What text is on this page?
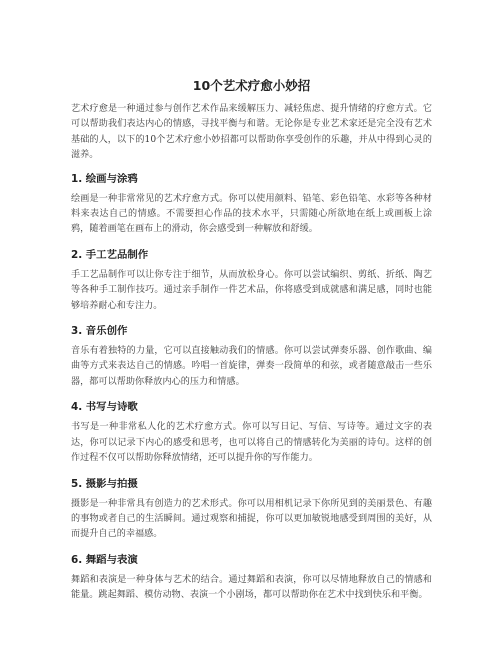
10个艺术疗愈小妙招

艺术疗愈是一种通过参与创作艺术作品来缓解压力、减轻焦虑、提升情绪的疗愈方式。它可以帮助我们表达内心的情感，寻找平衡与和谐。无论你是专业艺术家还是完全没有艺术基础的人，以下的10个艺术疗愈小妙招都可以帮助你享受创作的乐趣，并从中得到心灵的滋养。

1. 绘画与涂鸦

绘画是一种非常常见的艺术疗愈方式。你可以使用颜料、铅笔、彩色铅笔、水彩等各种材料来表达自己的情感。不需要担心作品的技术水平，只需随心所欲地在纸上或画板上涂鸦，随着画笔在画布上的滑动，你会感受到一种解放和舒缓。

2. 手工艺品制作

手工艺品制作可以让你专注于细节，从而放松身心。你可以尝试编织、剪纸、折纸、陶艺等各种手工制作技巧。通过亲手制作一件艺术品，你将感受到成就感和满足感，同时也能够培养耐心和专注力。

3. 音乐创作

音乐有着独特的力量，它可以直接触动我们的情感。你可以尝试弹奏乐器、创作歌曲、编曲等方式来表达自己的情感。吟唱一首旋律，弹奏一段简单的和弦，或者随意敲击一些乐器，都可以帮助你释放内心的压力和情感。

4. 书写与诗歌

书写是一种非常私人化的艺术疗愈方式。你可以写日记、写信、写诗等。通过文字的表达，你可以记录下内心的感受和思考，也可以将自己的情感转化为美丽的诗句。这样的创作过程不仅可以帮助你释放情绪，还可以提升你的写作能力。

5. 摄影与拍摄

摄影是一种非常具有创造力的艺术形式。你可以用相机记录下你所见到的美丽景色、有趣的事物或者自己的生活瞬间。通过观察和捕捉，你可以更加敏锐地感受到周围的美好，从而提升自己的幸福感。

6. 舞蹈与表演

舞蹈和表演是一种身体与艺术的结合。通过舞蹈和表演，你可以尽情地释放自己的情感和能量。跳起舞蹈、模仿动物、表演一个小剧场，都可以帮助你在艺术中找到快乐和平衡。
